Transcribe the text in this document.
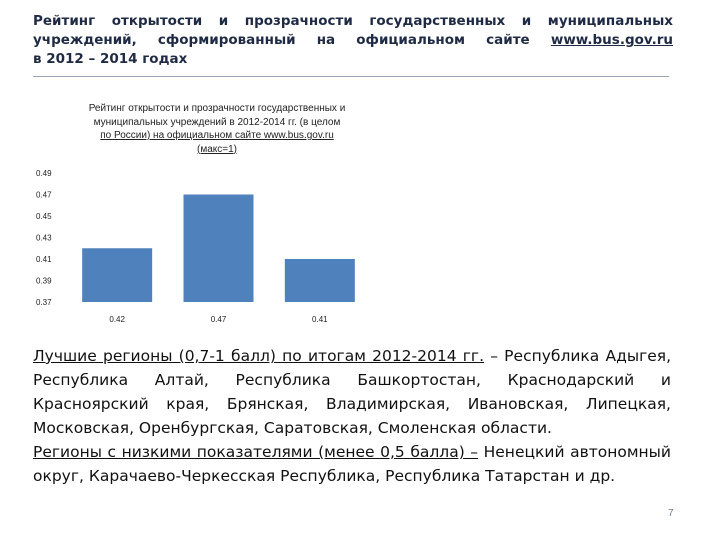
Рейтинг открытости и прозрачности государственных и муниципальных
учреждений, сформированный на официальном сайте www.bus.gov.ru
в 2012 – 2014 годах
Рейтинг открытости и прозрачности государственных и
муниципальных учреждений в 2012-2014 гг. (в целом
по России) на официальном сайте www.bus.gov.ru
(макс=1)
0.49
0.47
0.45
0.43
0.41
0.39
0.37
0.42	0.47	0.41
Лучшие регионы (0,7-1 балл) по итогам 2012-2014 гг. – Республика Адыгея, Республика Алтай, Республика Башкортостан, Краснодарский и Красноярский края, Брянская, Владимирская, Ивановская, Липецкая, Московская, Оренбургская, Саратовская, Смоленская области.
Регионы с низкими показателями (менее 0,5 балла) – Ненецкий автономный округ, Карачаево-Черкесская Республика, Республика Татарстан и др.
7
